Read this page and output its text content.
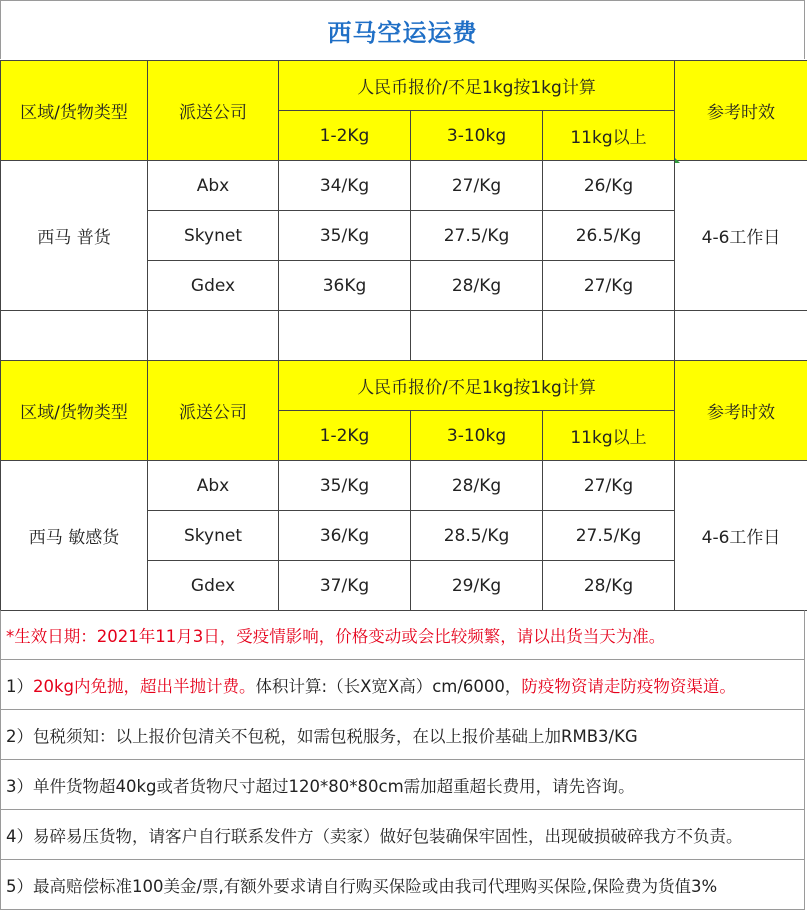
西马空运运费
区域/货物类型	派送公司	人民币报价/不足1kg按1kg计算			参考时效
		1-2Kg	3-10kg	11kg以上	
西马 普货	Abx	34/Kg	27/Kg	26/Kg	4-6工作日
	Skynet	35/Kg	27.5/Kg	26.5/Kg	
	Gdex	36Kg	28/Kg	27/Kg	

区域/货物类型	派送公司	人民币报价/不足1kg按1kg计算			参考时效
		1-2Kg	3-10kg	11kg以上	
西马 敏感货	Abx	35/Kg	28/Kg	27/Kg	4-6工作日
	Skynet	36/Kg	28.5/Kg	27.5/Kg	
	Gdex	37/Kg	29/Kg	28/Kg	
*生效日期：2021年11月3日，受疫情影响，价格变动或会比较频繁，请以出货当天为准。
1） 20kg内免抛，超出半抛计费。 体积计算:（长X宽X高）cm/6000， 防疫物资请走防疫物资渠道。
2）包税须知：以上报价包清关不包税，如需包税服务，在以上报价基础上加RMB3/KG
3）单件货物超40kg或者货物尺寸超过120*80*80cm需加超重超长费用，请先咨询。
4）易碎易压货物，请客户自行联系发件方（卖家）做好包装确保牢固性，出现破损破碎我方不负责。
5）最高赔偿标准100美金/票,有额外要求请自行购买保险或由我司代理购买保险,保险费为货值3%
